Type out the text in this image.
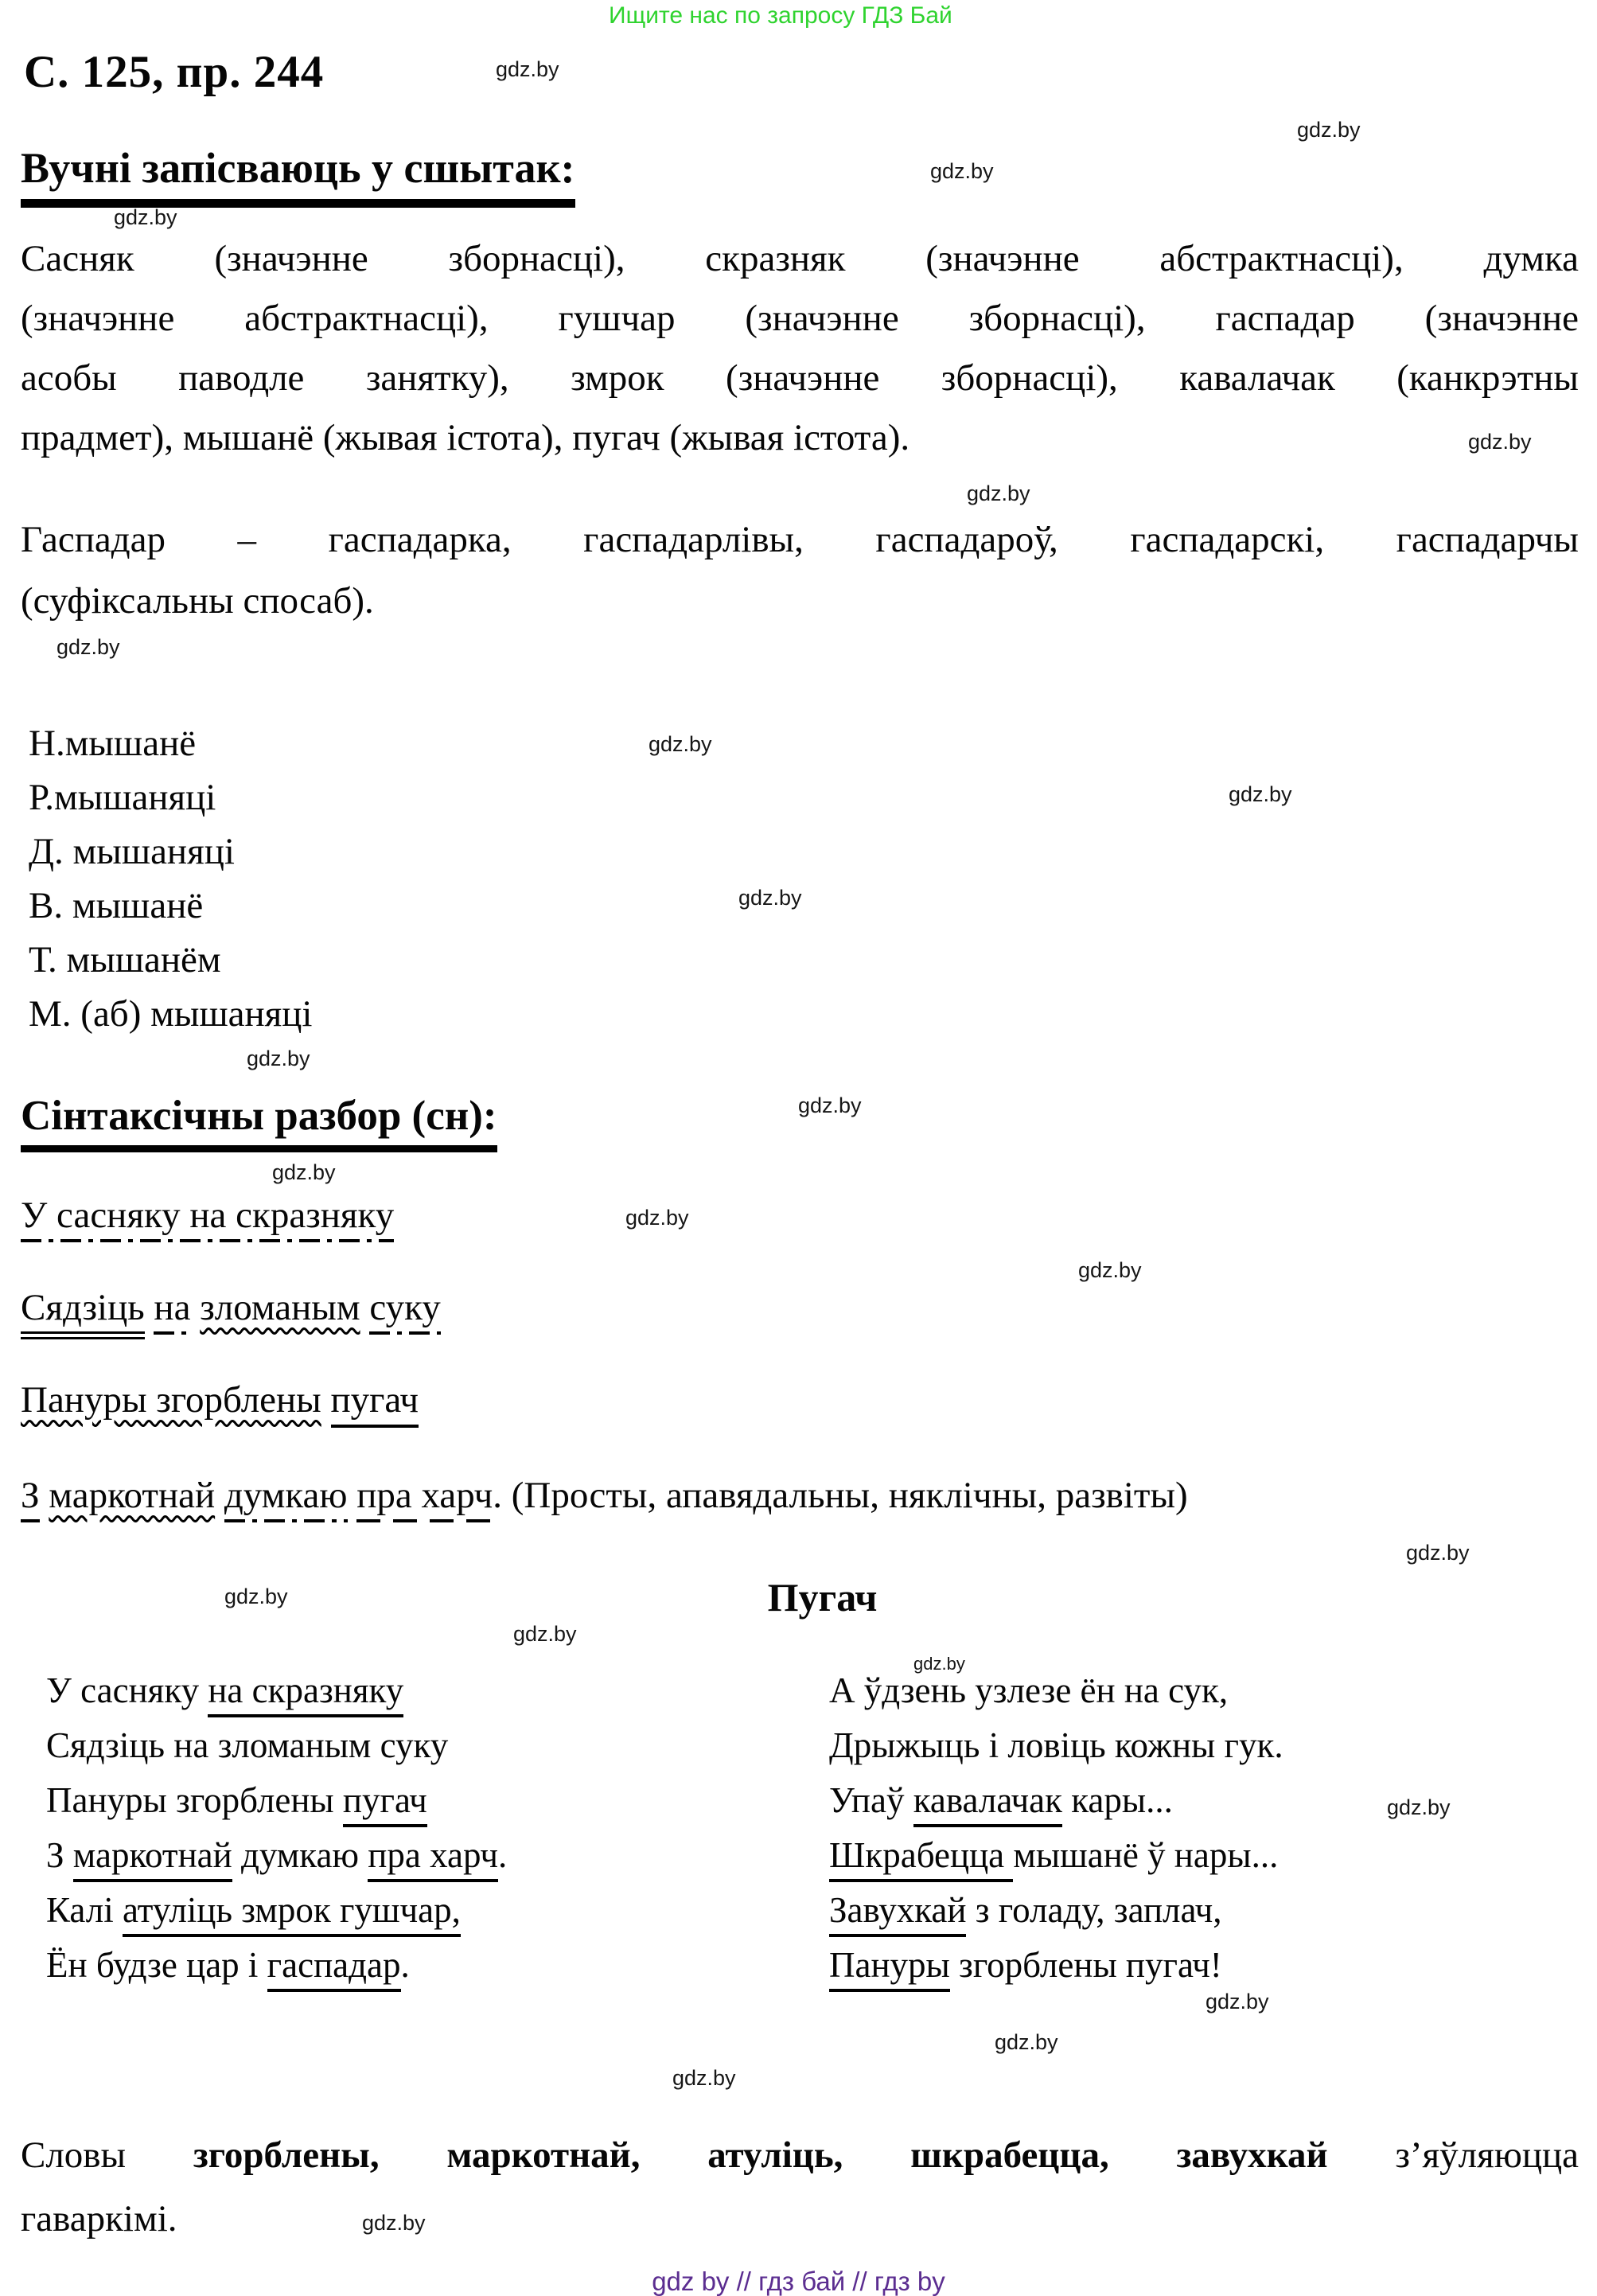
Ищите нас по запросу ГДЗ Бай
С. 125, пр. 244
Вучні запісваюць у сшытак:
Сасняк (значэнне зборнасці), скразняк (значэнне абстрактнасці), думка
(значэнне абстрактнасці), гушчар (значэнне зборнасці), гаспадар (значэнне
асобы паводле занятку), змрок (значэнне зборнасці), кавалачак (канкрэтны
прадмет), мышанё (жывая істота), пугач (жывая істота).
Гаспадар – гаспадарка, гаспадарлівы, гаспадароў, гаспадарскі, гаспадарчы
(суфіксальны спосаб).
Н.мышанё
Р.мышаняці
Д. мышаняці
В. мышанё
Т. мышанём
М. (аб) мышаняці
Сінтаксічны разбор (сн):
Пугач
У сасняку на скразняку
Сядзіць на зломаным суку
Пануры згорблены пугач
З маркотнай думкаю пра харч.
Калі атуліць змрок гушчар,
Ён будзе цар і гаспадар.
А ўдзень узлезе ён на сук,
Дрыжыць і ловіць кожны гук.
Упаў кавалачак кары...
Шкрабецца мышанё ў нары...
Завухкай з голаду, заплач,
Пануры згорблены пугач!
Словы згорблены, маркотнай, атуліць, шкрабецца, завухкай з’яўляюцца
гаваркімі.
gdz by // гдз бай // гдз by
У сасняку на скразняку
Сядзіць на зломаным суку
Пануры згорблены пугач
З маркотнай думкаю пра харч. (Просты, апавядальны, няклічны, развіты)
gdz.by
gdz.by
gdz.by
gdz.by
gdz.by
gdz.by
gdz.by
gdz.by
gdz.by
gdz.by
gdz.by
gdz.by
gdz.by
gdz.by
gdz.by
gdz.by
gdz.by
gdz.by
gdz.by
gdz.by
gdz.by
gdz.by
gdz.by
gdz.by
